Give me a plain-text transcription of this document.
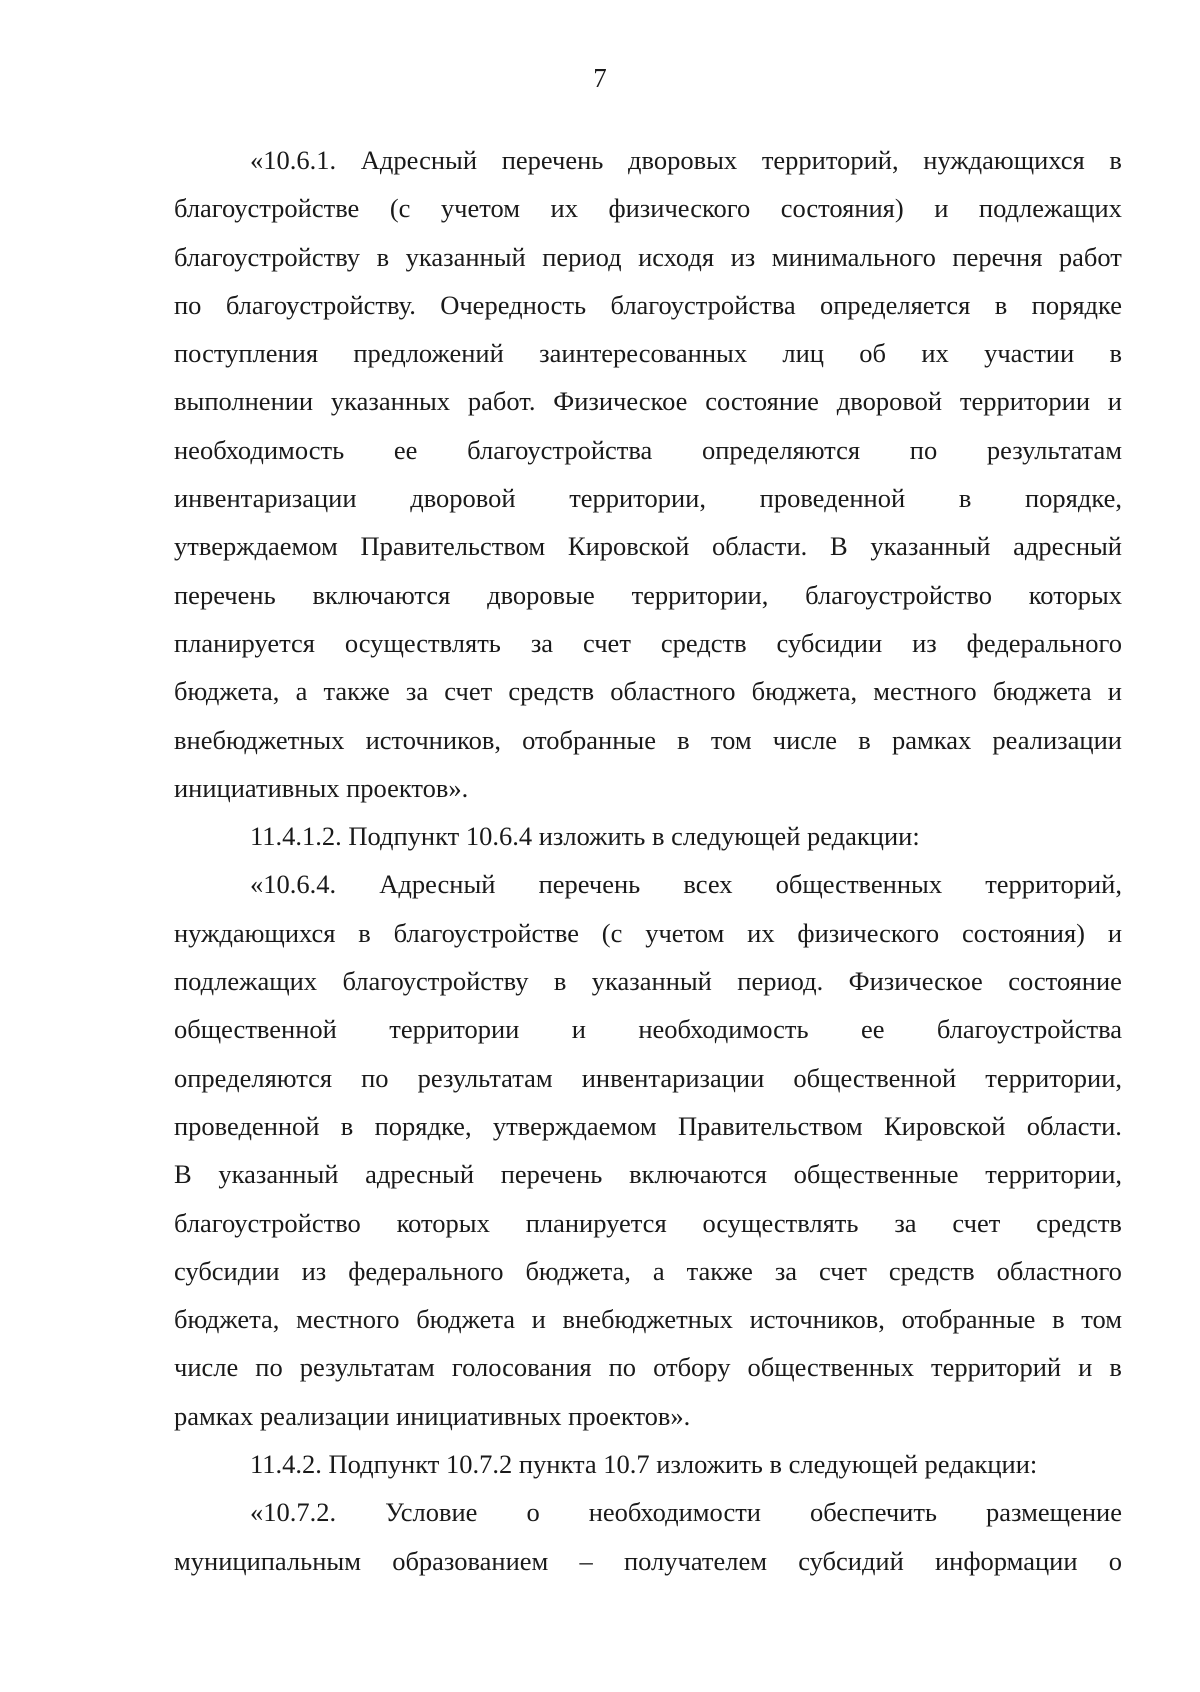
7
«10.6.1. Адресный перечень дворовых территорий, нуждающихся в
благоустройстве (с учетом их физического состояния) и подлежащих
благоустройству в указанный период исходя из минимального перечня работ
по благоустройству. Очередность благоустройства определяется в порядке
поступления предложений заинтересованных лиц об их участии в
выполнении указанных работ. Физическое состояние дворовой территории и
необходимость ее благоустройства определяются по результатам
инвентаризации дворовой территории, проведенной в порядке,
утверждаемом Правительством Кировской области. В указанный адресный
перечень включаются дворовые территории, благоустройство которых
планируется осуществлять за счет средств субсидии из федерального
бюджета, а также за счет средств областного бюджета, местного бюджета и
внебюджетных источников, отобранные в том числе в рамках реализации
инициативных проектов».
11.4.1.2. Подпункт 10.6.4 изложить в следующей редакции:
«10.6.4. Адресный перечень всех общественных территорий,
нуждающихся в благоустройстве (с учетом их физического состояния) и
подлежащих благоустройству в указанный период. Физическое состояние
общественной территории и необходимость ее благоустройства
определяются по результатам инвентаризации общественной территории,
проведенной в порядке, утверждаемом Правительством Кировской области.
В указанный адресный перечень включаются общественные территории,
благоустройство которых планируется осуществлять за счет средств
субсидии из федерального бюджета, а также за счет средств областного
бюджета, местного бюджета и внебюджетных источников, отобранные в том
числе по результатам голосования по отбору общественных территорий и в
рамках реализации инициативных проектов».
11.4.2. Подпункт 10.7.2 пункта 10.7 изложить в следующей редакции:
«10.7.2. Условие о необходимости обеспечить размещение
муниципальным образованием – получателем субсидий информации о
